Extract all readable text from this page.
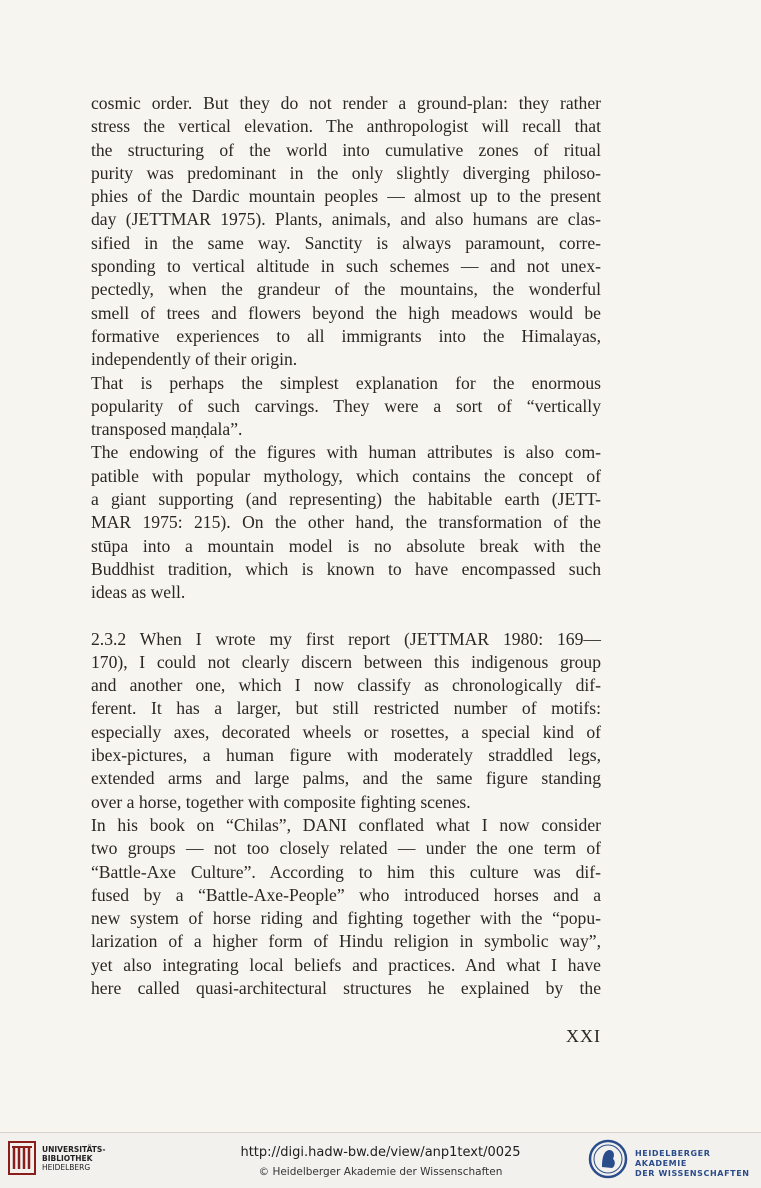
cosmic order. But they do not render a ground-plan: they rather
stress the vertical elevation. The anthropologist will recall that
the structuring of the world into cumulative zones of ritual
purity was predominant in the only slightly diverging philoso-
phies of the Dardic mountain peoples — almost up to the present
day (JETTMAR 1975). Plants, animals, and also humans are clas-
sified in the same way. Sanctity is always paramount, corre-
sponding to vertical altitude in such schemes — and not unex-
pectedly, when the grandeur of the mountains, the wonderful
smell of trees and flowers beyond the high meadows would be
formative experiences to all immigrants into the Himalayas,
independently of their origin.
That is perhaps the simplest explanation for the enormous
popularity of such carvings. They were a sort of “vertically
transposed maṇḍala”.
The endowing of the figures with human attributes is also com-
patible with popular mythology, which contains the concept of
a giant supporting (and representing) the habitable earth (JETT-
MAR 1975: 215). On the other hand, the transformation of the
stūpa into a mountain model is no absolute break with the
Buddhist tradition, which is known to have encompassed such
ideas as well.
2.3.2 When I wrote my first report (JETTMAR 1980: 169—
170), I could not clearly discern between this indigenous group
and another one, which I now classify as chronologically dif-
ferent. It has a larger, but still restricted number of motifs:
especially axes, decorated wheels or rosettes, a special kind of
ibex-pictures, a human figure with moderately straddled legs,
extended arms and large palms, and the same figure standing
over a horse, together with composite fighting scenes.
In his book on “Chilas”, DANI conflated what I now consider
two groups — not too closely related — under the one term of
“Battle-Axe Culture”. According to him this culture was dif-
fused by a “Battle-Axe-People” who introduced horses and a
new system of horse riding and fighting together with the “popu-
larization of a higher form of Hindu religion in symbolic way”,
yet also integrating local beliefs and practices. And what I have
here called quasi-architectural structures he explained by the
XXI
UNIVERSITÄTS-
BIBLIOTHEK
HEIDELBERG
http://digi.hadw-bw.de/view/anp1text/0025
© Heidelberger Akademie der Wissenschaften
HEIDELBERGER AKADEMIE
DER WISSENSCHAFTEN
